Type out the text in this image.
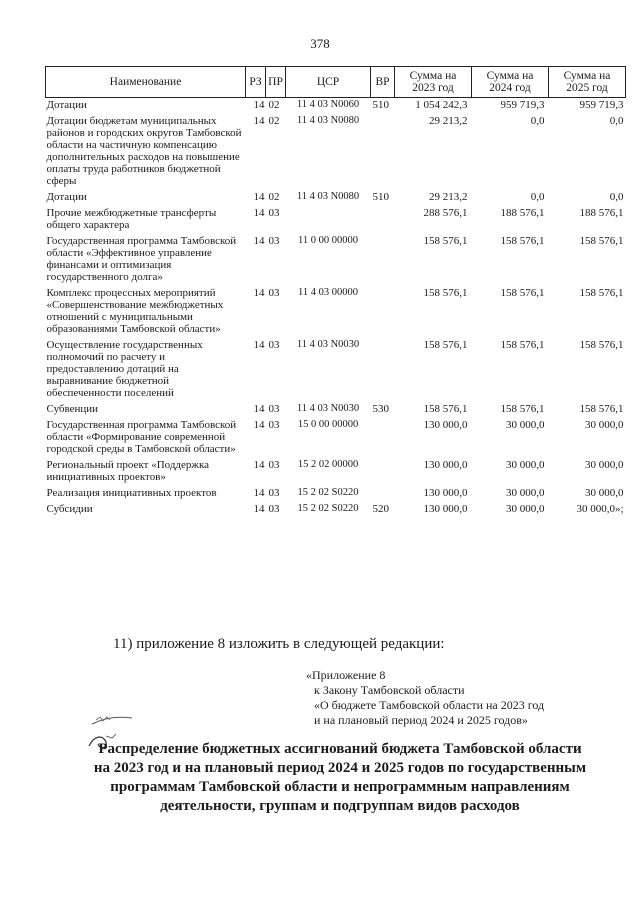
378
Наименование	РЗ	ПР	ЦСР	ВР	Сумма на 2023 год	Сумма на 2024 год	Сумма на 2025 год
Дотации	14	02	11 4 03 N0060	510	1 054 242,3	959 719,3	959 719,3
Дотации бюджетам муниципальных районов и городских округов Тамбовской области на частичную компенсацию дополнительных расходов на повышение оплаты труда работников бюджетной сферы	14	02	11 4 03 N0080		29 213,2	0,0	0,0
Дотации	14	02	11 4 03 N0080	510	29 213,2	0,0	0,0
Прочие межбюджетные трансферты общего характера	14	03			288 576,1	188 576,1	188 576,1
Государственная программа Тамбовской области «Эффективное управление финансами и оптимизация государственного долга»	14	03	11 0 00 00000		158 576,1	158 576,1	158 576,1
Комплекс процессных мероприятий «Совершенствование межбюджетных отношений с муниципальными образованиями Тамбовской области»	14	03	11 4 03 00000		158 576,1	158 576,1	158 576,1
Осуществление государственных полномочий по расчету и предоставлению дотаций на выравнивание бюджетной обеспеченности поселений	14	03	11 4 03 N0030		158 576,1	158 576,1	158 576,1
Субвенции	14	03	11 4 03 N0030	530	158 576,1	158 576,1	158 576,1
Государственная программа Тамбовской области «Формирование современной городской среды в Тамбовской области»	14	03	15 0 00 00000		130 000,0	30 000,0	30 000,0
Региональный проект «Поддержка инициативных проектов»	14	03	15 2 02 00000		130 000,0	30 000,0	30 000,0
Реализация инициативных проектов	14	03	15 2 02 S0220		130 000,0	30 000,0	30 000,0
Субсидии	14	03	15 2 02 S0220	520	130 000,0	30 000,0	30 000,0»;
11) приложение 8 изложить в следующей редакции:
«Приложение 8
к Закону Тамбовской области
«О бюджете Тамбовской области на 2023 год
и на плановый период 2024 и 2025 годов»
Распределение бюджетных ассигнований бюджета Тамбовской области
на 2023 год и на плановый период 2024 и 2025 годов по государственным
программам Тамбовской области и непрограммным направлениям
деятельности, группам и подгруппам видов расходов
